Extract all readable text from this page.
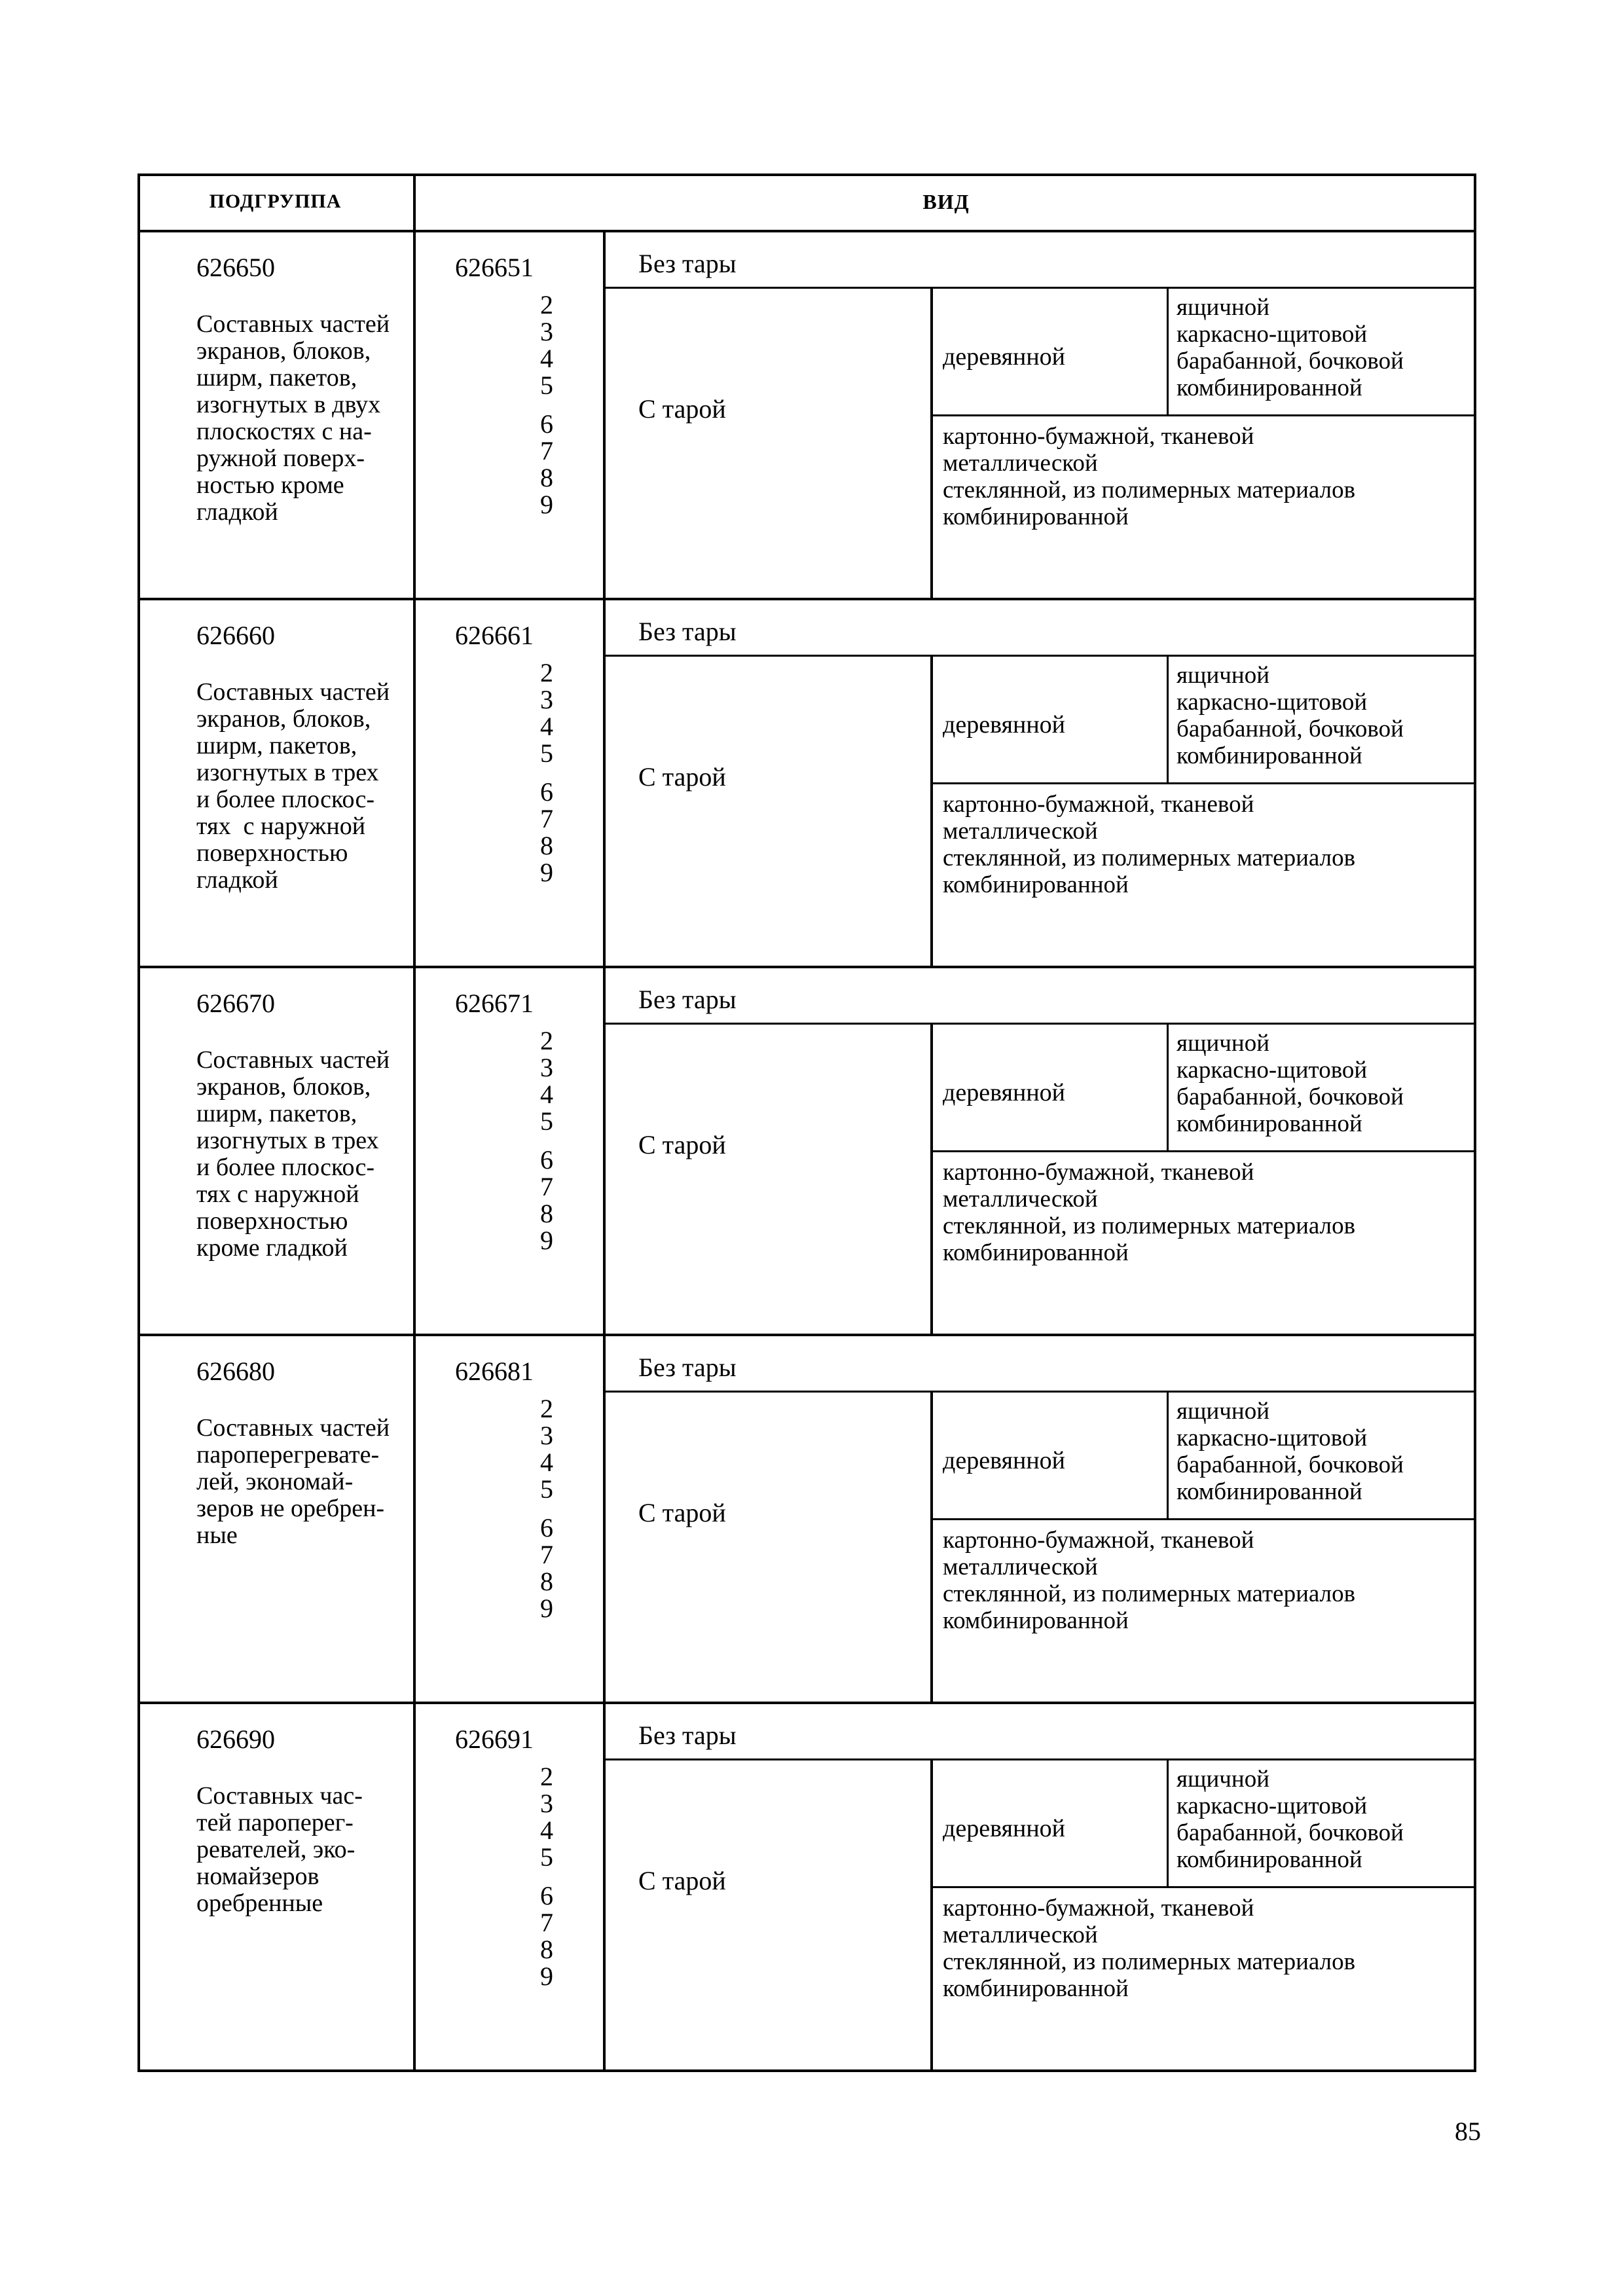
ПОДГРУППА	ВИД
626650
Составных частей
экранов, блоков,
ширм, пакетов,
изогнутых в двух
плоскостях с на-
ружной поверх-
ностью кроме
гладкой
626651
2
3
4
5
6
7
8
9
Без тары
С тарой
деревянной
ящичной
каркасно-щитовой
барабанной, бочковой
комбинированной
картонно-бумажной, тканевой
металлической
стеклянной, из полимерных материалов
комбинированной
626660
Составных частей
экранов, блоков,
ширм, пакетов,
изогнутых в трех
и более плоскос-
тях  с наружной
поверхностью
гладкой
626661
2
3
4
5
6
7
8
9
Без тары
С тарой
деревянной
ящичной
каркасно-щитовой
барабанной, бочковой
комбинированной
картонно-бумажной, тканевой
металлической
стеклянной, из полимерных материалов
комбинированной
626670
Составных частей
экранов, блоков,
ширм, пакетов,
изогнутых в трех
и более плоскос-
тях с наружной
поверхностью
кроме гладкой
626671
2
3
4
5
6
7
8
9
Без тары
С тарой
деревянной
ящичной
каркасно-щитовой
барабанной, бочковой
комбинированной
картонно-бумажной, тканевой
металлической
стеклянной, из полимерных материалов
комбинированной
626680
Составных частей
пароперегревате-
лей, экономай-
зеров не оребрен-
ные
626681
2
3
4
5
6
7
8
9
Без тары
С тарой
деревянной
ящичной
каркасно-щитовой
барабанной, бочковой
комбинированной
картонно-бумажной, тканевой
металлической
стеклянной, из полимерных материалов
комбинированной
626690
Составных час-
тей пароперег-
ревателей, эко-
номайзеров
оребренные
626691
2
3
4
5
6
7
8
9
Без тары
С тарой
деревянной
ящичной
каркасно-щитовой
барабанной, бочковой
комбинированной
картонно-бумажной, тканевой
металлической
стеклянной, из полимерных материалов
комбинированной
85
